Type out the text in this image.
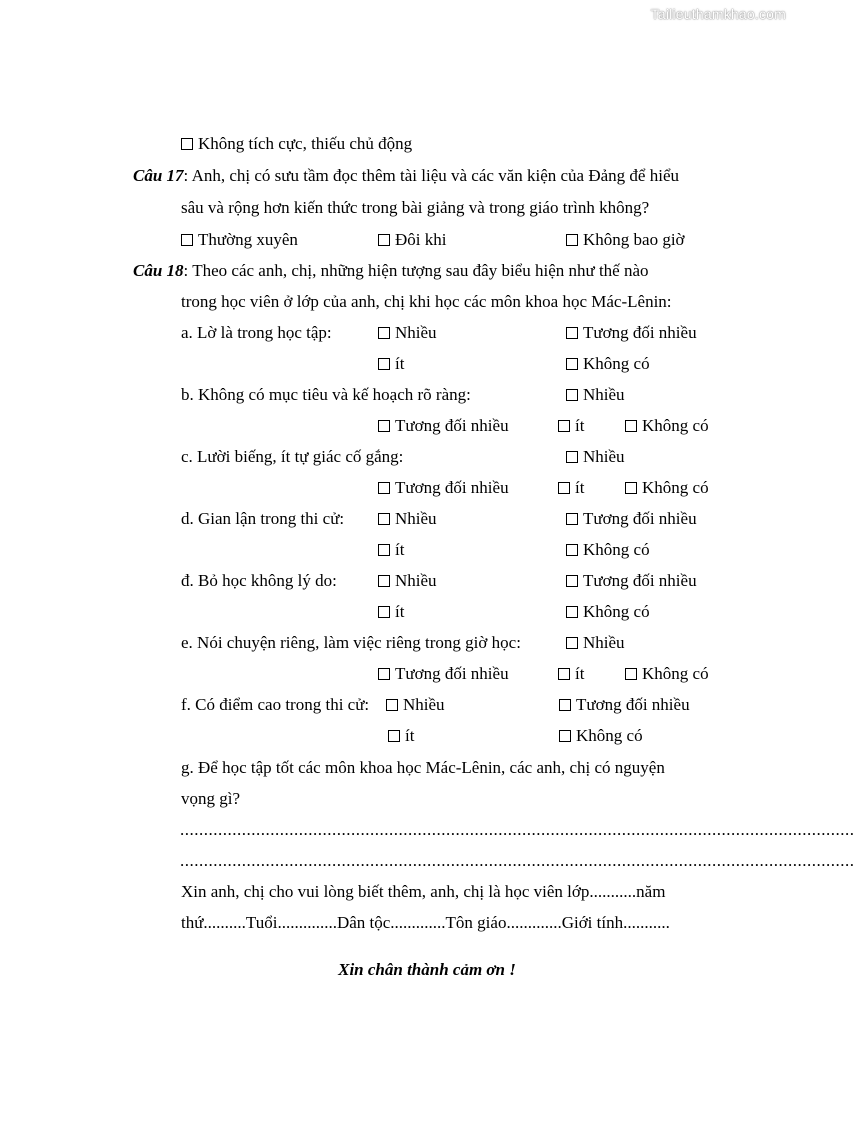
Tailieuthamkhao.com
Không tích cực, thiếu chủ động
Câu 17: Anh, chị có sưu tầm đọc thêm tài liệu và các văn kiện của Đảng để hiểu
sâu và rộng hơn kiến thức trong bài giảng và trong giáo trình không?
Thường xuyên	Đôi khi	Không bao giờ
Câu 18: Theo các anh, chị, những hiện tượng sau đây biểu hiện như thế nào
trong học viên ở lớp của anh, chị khi học các môn khoa học Mác-Lênin:
a. Lờ là trong học tập:	Nhiều	Tương đối nhiều
ít	Không có
b. Không có mục tiêu và kế hoạch rõ ràng:	Nhiều
Tương đối nhiều	ít	Không có
c. Lười biếng, ít tự giác cố gắng:	Nhiều
Tương đối nhiều	ít	Không có
d. Gian lận trong thi cử:	Nhiều	Tương đối nhiều
ít	Không có
đ. Bỏ học không lý do:	Nhiều	Tương đối nhiều
ít	Không có
e. Nói chuyện riêng, làm việc riêng trong giờ học:	Nhiều
Tương đối nhiều	ít	Không có
f. Có điểm cao trong thi cử:	Nhiều	Tương đối nhiều
ít	Không có
g. Để học tập tốt các môn khoa học Mác-Lênin, các anh, chị có nguyện
vọng gì?
..............................................................................................................................................
..............................................................................................................................................
Xin anh, chị cho vui lòng biết thêm, anh, chị là học viên lớp...........năm
thứ..........Tuổi..............Dân tộc.............Tôn giáo.............Giới tính...........
Xin chân thành cảm ơn !
